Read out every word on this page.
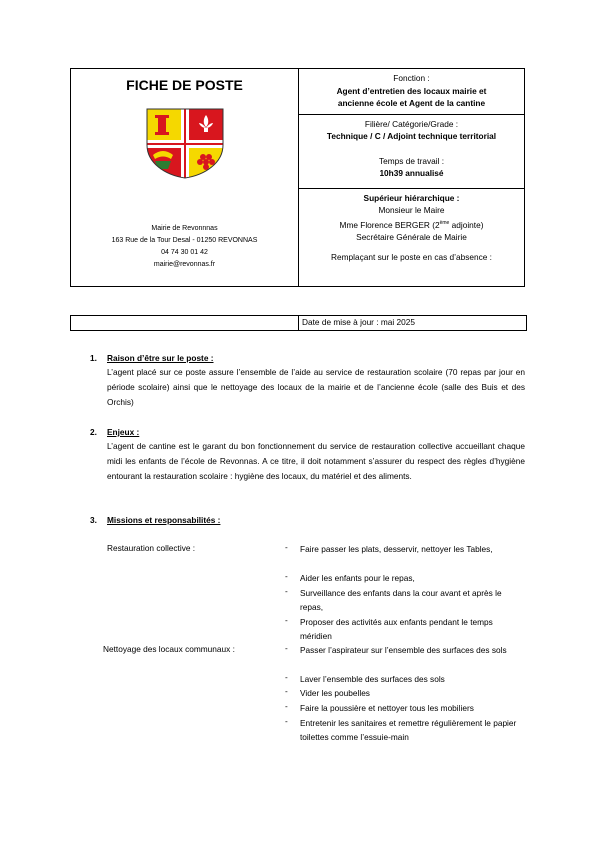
FICHE DE POSTE
Mairie de Revonnnas
163 Rue de la Tour Desal - 01250 REVONNAS
04 74 30 01 42
mairie@revonnas.fr

Fonction :
Agent d’entretien des locaux mairie et
ancienne école et Agent de la cantine

Filière/ Catégorie/Grade :
Technique / C / Adjoint technique territorial
Temps de travail :
10h39 annualisé

Supérieur hiérarchique :
Monsieur le Maire
Mme Florence BERGER (2ème adjointe)
Secrétaire Générale de Mairie
Remplaçant sur le poste en cas d’absence :
Date de mise à jour : mai 2025
1. Raison d’être sur le poste :
L’agent placé sur ce poste assure l’ensemble de l’aide au service de restauration scolaire (70 repas par jour en période scolaire) ainsi que le nettoyage des locaux de la mairie et de l’ancienne école (salle des Buis et des Orchis)
2. Enjeux :
L’agent de cantine est le garant du bon fonctionnement du service de restauration collective accueillant chaque midi les enfants de l’école de Revonnas. A ce titre, il doit notamment s’assurer du respect des règles d’hygiène entourant la restauration scolaire : hygiène des locaux, du matériel et des aliments.
3. Missions et responsabilités :
Restauration collective :	- Faire passer les plats, desservir, nettoyer les Tables,
- Aider les enfants pour le repas,
- Surveillance des enfants dans la cour avant et après le repas,
- Proposer des activités aux enfants pendant le temps méridien
Nettoyage des locaux communaux :	- Passer l’aspirateur sur l’ensemble des surfaces des sols
- Laver l’ensemble des surfaces des sols
- Vider les poubelles
- Faire la poussière et nettoyer tous les mobiliers
- Entretenir les sanitaires et remettre régulièrement le papier toilettes comme l’essuie-main
